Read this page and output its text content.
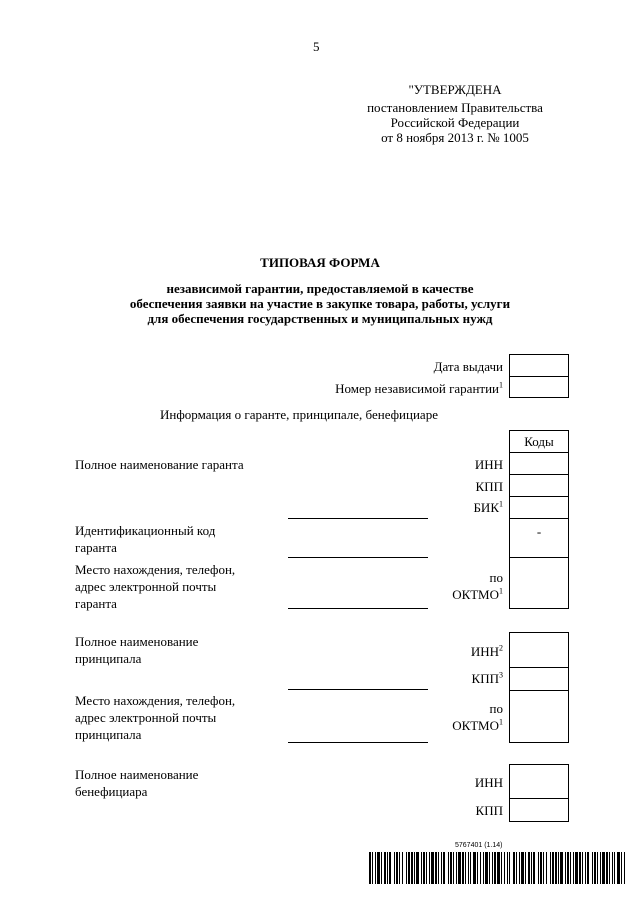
5
"УТВЕРЖДЕНА
постановлением Правительства
Российской Федерации
от 8 ноября 2013 г. № 1005
ТИПОВАЯ ФОРМА
независимой гарантии, предоставляемой в качестве
обеспечения заявки на участие в закупке товара, работы, услуги
для обеспечения государственных и муниципальных нужд
Дата выдачи
Номер независимой гарантии$^1$
Информация о гаранте, принципале, бенефициаре
Коды
Полное наименование гаранта	ИНН
КПП
БИК$^1$
Идентификационный код
гаранта
-
Место нахождения, телефон,
адрес электронной почты
гаранта
по
ОКТМО$^1$
Полное наименование
принципала	ИНН$^2$
КПП$^3$
Место нахождения, телефон,
адрес электронной почты
принципала
по
ОКТМО$^1$
Полное наименование
бенефициара
ИНН
КПП
5767401 (1.14)
